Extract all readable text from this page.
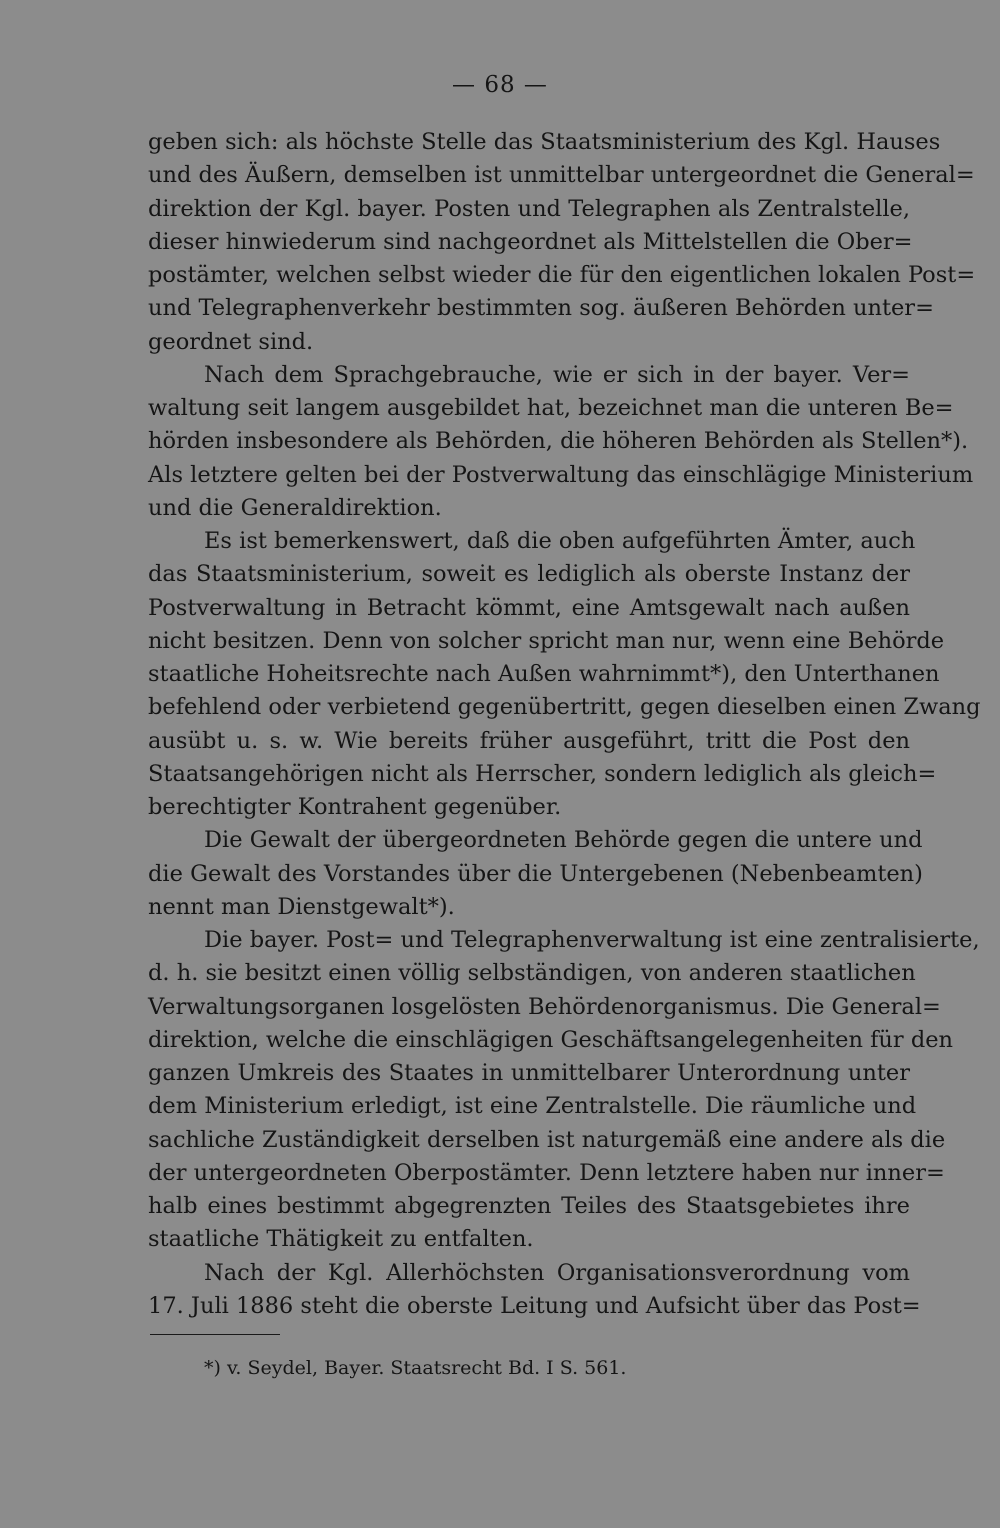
— 68 —
geben sich: als höchste Stelle das Staatsministerium des Kgl. Hauses
und des Äußern, demselben ist unmittelbar untergeordnet die General=
direktion der Kgl. bayer. Posten und Telegraphen als Zentralstelle,
dieser hinwiederum sind nachgeordnet als Mittelstellen die Ober=
postämter, welchen selbst wieder die für den eigentlichen lokalen Post=
und Telegraphenverkehr bestimmten sog. äußeren Behörden unter=
geordnet sind.
Nach dem Sprachgebrauche, wie er sich in der bayer. Ver=
waltung seit langem ausgebildet hat, bezeichnet man die unteren Be=
hörden insbesondere als Behörden, die höheren Behörden als Stellen*).
Als letztere gelten bei der Postverwaltung das einschlägige Ministerium
und die Generaldirektion.
Es ist bemerkenswert, daß die oben aufgeführten Ämter, auch
das Staatsministerium, soweit es lediglich als oberste Instanz der
Postverwaltung in Betracht kömmt, eine Amtsgewalt nach außen
nicht besitzen. Denn von solcher spricht man nur, wenn eine Behörde
staatliche Hoheitsrechte nach Außen wahrnimmt*), den Unterthanen
befehlend oder verbietend gegenübertritt, gegen dieselben einen Zwang
ausübt u. s. w. Wie bereits früher ausgeführt, tritt die Post den
Staatsangehörigen nicht als Herrscher, sondern lediglich als gleich=
berechtigter Kontrahent gegenüber.
Die Gewalt der übergeordneten Behörde gegen die untere und
die Gewalt des Vorstandes über die Untergebenen (Nebenbeamten)
nennt man Dienstgewalt*).
Die bayer. Post= und Telegraphenverwaltung ist eine zentralisierte,
d. h. sie besitzt einen völlig selbständigen, von anderen staatlichen
Verwaltungsorganen losgelösten Behördenorganismus. Die General=
direktion, welche die einschlägigen Geschäftsangelegenheiten für den
ganzen Umkreis des Staates in unmittelbarer Unterordnung unter
dem Ministerium erledigt, ist eine Zentralstelle. Die räumliche und
sachliche Zuständigkeit derselben ist naturgemäß eine andere als die
der untergeordneten Oberpostämter. Denn letztere haben nur inner=
halb eines bestimmt abgegrenzten Teiles des Staatsgebietes ihre
staatliche Thätigkeit zu entfalten.
Nach der Kgl. Allerhöchsten Organisationsverordnung vom
17. Juli 1886 steht die oberste Leitung und Aufsicht über das Post=
*) v. Seydel, Bayer. Staatsrecht Bd. I S. 561.
